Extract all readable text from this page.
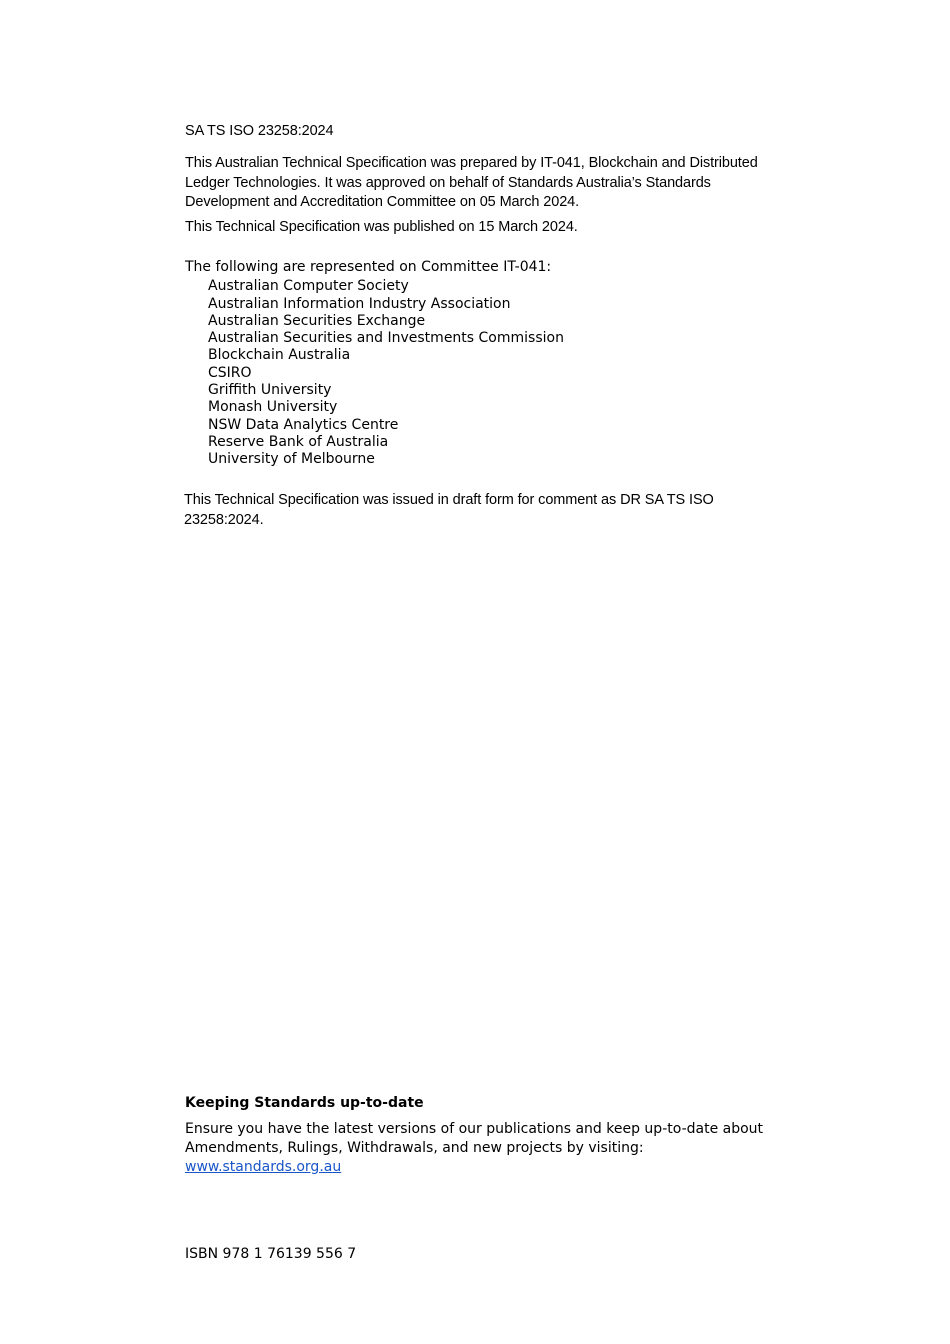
SA TS ISO 23258:2024
This Australian Technical Specification was prepared by IT-041, Blockchain and Distributed Ledger Technologies. It was approved on behalf of Standards Australia’s Standards Development and Accreditation Committee on 05 March 2024.
This Technical Specification was published on 15 March 2024.
The following are represented on Committee IT-041:
Australian Computer Society
Australian Information Industry Association
Australian Securities Exchange
Australian Securities and Investments Commission
Blockchain Australia
CSIRO
Griffith University
Monash University
NSW Data Analytics Centre
Reserve Bank of Australia
University of Melbourne
This Technical Specification was issued in draft form for comment as DR SA TS ISO 23258:2024.
Keeping Standards up-to-date
Ensure you have the latest versions of our publications and keep up-to-date about Amendments, Rulings, Withdrawals, and new projects by visiting:
www.standards.org.au
ISBN 978 1 76139 556 7
